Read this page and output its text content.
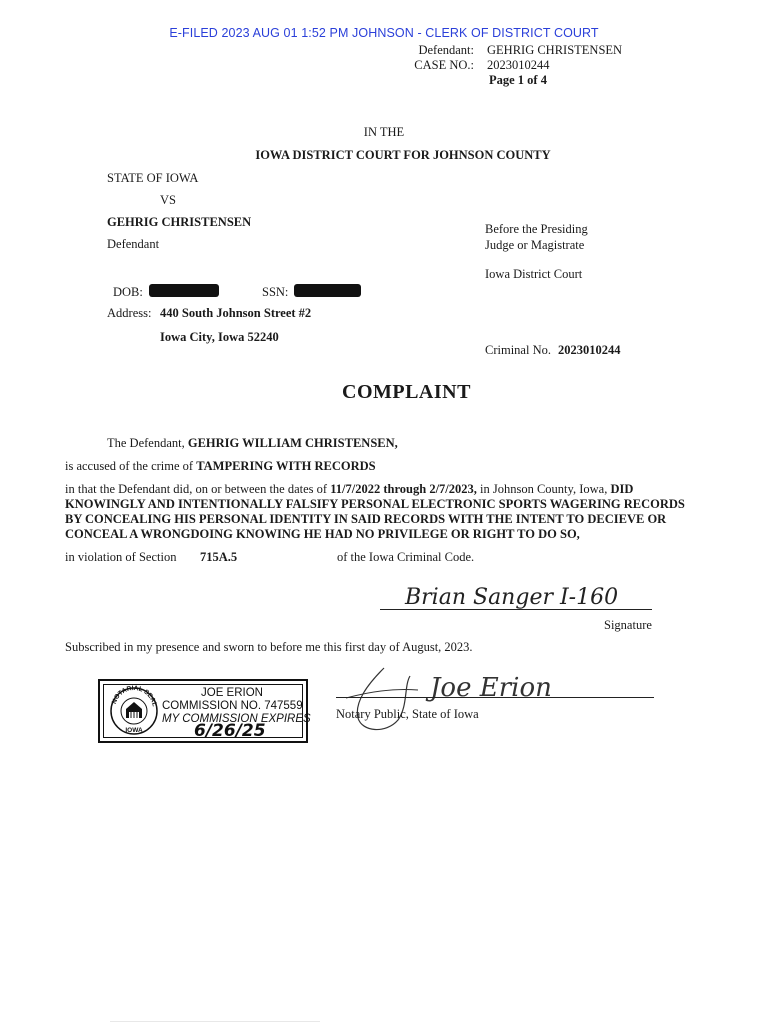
E-FILED 2023 AUG 01 1:52 PM JOHNSON - CLERK OF DISTRICT COURT
Defendant: GEHRIG CHRISTENSEN
CASE NO.: 2023010244
Page 1 of 4
IN THE
IOWA DISTRICT COURT FOR JOHNSON COUNTY
STATE OF IOWA
VS
GEHRIG CHRISTENSEN
Defendant
DOB:	SSN:
Address: 440 South Johnson Street #2
Iowa City, Iowa 52240
Before the Presiding
Judge or Magistrate
Iowa District Court
Criminal No. 2023010244
COMPLAINT
The Defendant, GEHRIG WILLIAM CHRISTENSEN,
is accused of the crime of TAMPERING WITH RECORDS
in that the Defendant did, on or between the dates of 11/7/2022 through 2/7/2023, in Johnson County, Iowa, DID
KNOWINGLY AND INTENTIONALLY FALSIFY PERSONAL ELECTRONIC SPORTS WAGERING RECORDS
BY CONCEALING HIS PERSONAL IDENTITY IN SAID RECORDS WITH THE INTENT TO DECIEVE OR
CONCEAL A WRONGDOING KNOWING HE HAD NO PRIVILEGE OR RIGHT TO DO SO,
in violation of Section 715A.5	of the Iowa Criminal Code.
Brian Sanger I-160
Signature
Subscribed in my presence and sworn to before me this first day of August, 2023.
NOTARIAL SEAL
IOWA
JOE ERION
COMMISSION NO. 747559
MY COMMISSION EXPIRES
6/26/25
Joe Erion
Notary Public, State of Iowa
